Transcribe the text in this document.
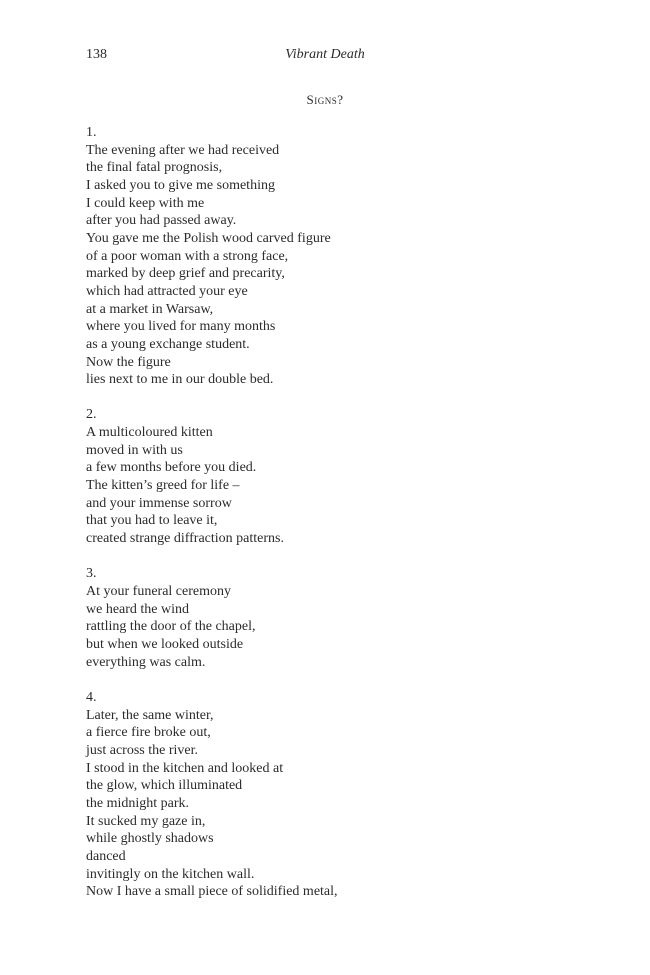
138	Vibrant Death
Signs?
1.
The evening after we had received
the final fatal prognosis,
I asked you to give me something
I could keep with me
after you had passed away.
You gave me the Polish wood carved figure
of a poor woman with a strong face,
marked by deep grief and precarity,
which had attracted your eye
at a market in Warsaw,
where you lived for many months
as a young exchange student.
Now the figure
lies next to me in our double bed.
2.
A multicoloured kitten
moved in with us
a few months before you died.
The kitten’s greed for life –
and your immense sorrow
that you had to leave it,
created strange diffraction patterns.
3.
At your funeral ceremony
we heard the wind
rattling the door of the chapel,
but when we looked outside
everything was calm.
4.
Later, the same winter,
a fierce fire broke out,
just across the river.
I stood in the kitchen and looked at
the glow, which illuminated
the midnight park.
It sucked my gaze in,
while ghostly shadows
danced
invitingly on the kitchen wall.
Now I have a small piece of solidified metal,
